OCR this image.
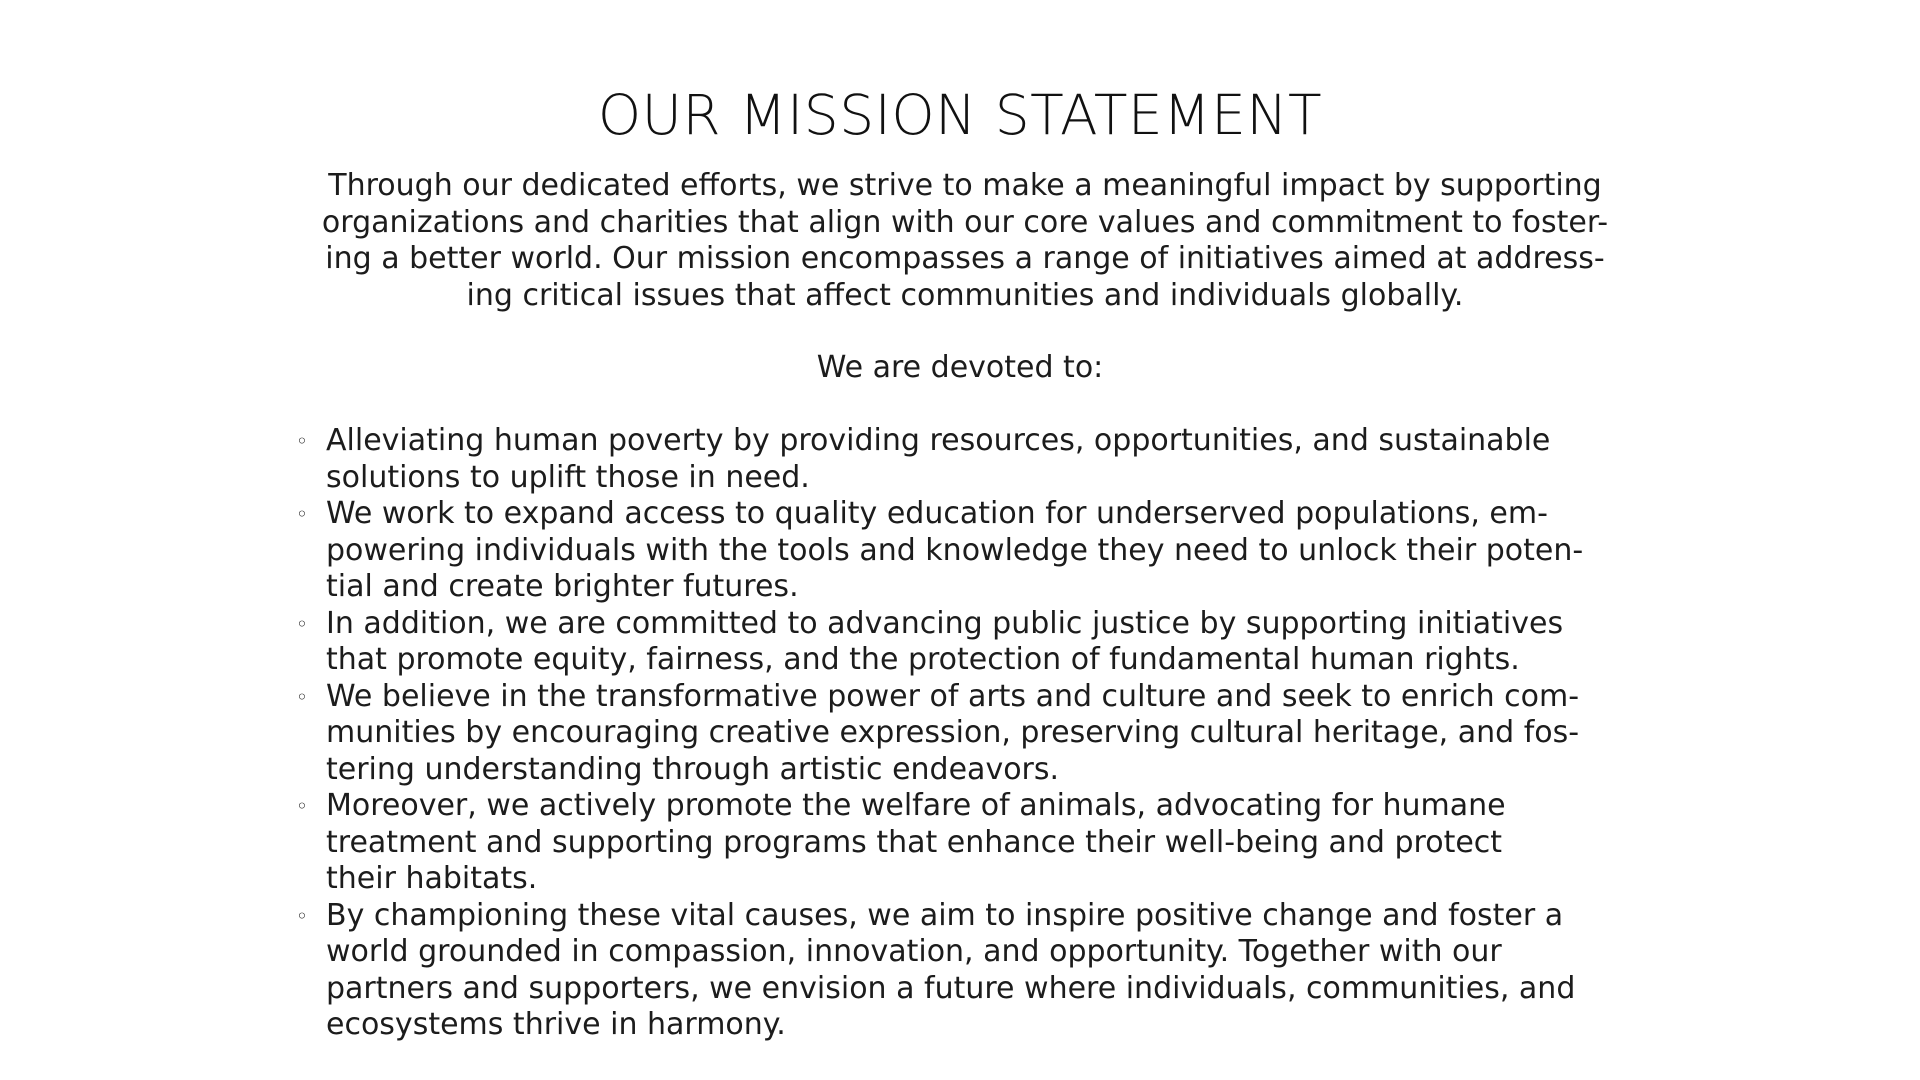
OUR MISSION STATEMENT

Through our dedicated efforts, we strive to make a meaningful impact by supporting
organizations and charities that align with our core values and commitment to foster-
ing a better world. Our mission encompasses a range of initiatives aimed at address-
ing critical issues that affect communities and individuals globally.

We are devoted to:

◦ Alleviating human poverty by providing resources, opportunities, and sustainable
solutions to uplift those in need.
◦ We work to expand access to quality education for underserved populations, em-
powering individuals with the tools and knowledge they need to unlock their poten-
tial and create brighter futures.
◦ In addition, we are committed to advancing public justice by supporting initiatives
that promote equity, fairness, and the protection of fundamental human rights.
◦ We believe in the transformative power of arts and culture and seek to enrich com-
munities by encouraging creative expression, preserving cultural heritage, and fos-
tering understanding through artistic endeavors.
◦ Moreover, we actively promote the welfare of animals, advocating for humane
treatment and supporting programs that enhance their well-being and protect
their habitats.
◦ By championing these vital causes, we aim to inspire positive change and foster a
world grounded in compassion, innovation, and opportunity. Together with our
partners and supporters, we envision a future where individuals, communities, and
ecosystems thrive in harmony.
